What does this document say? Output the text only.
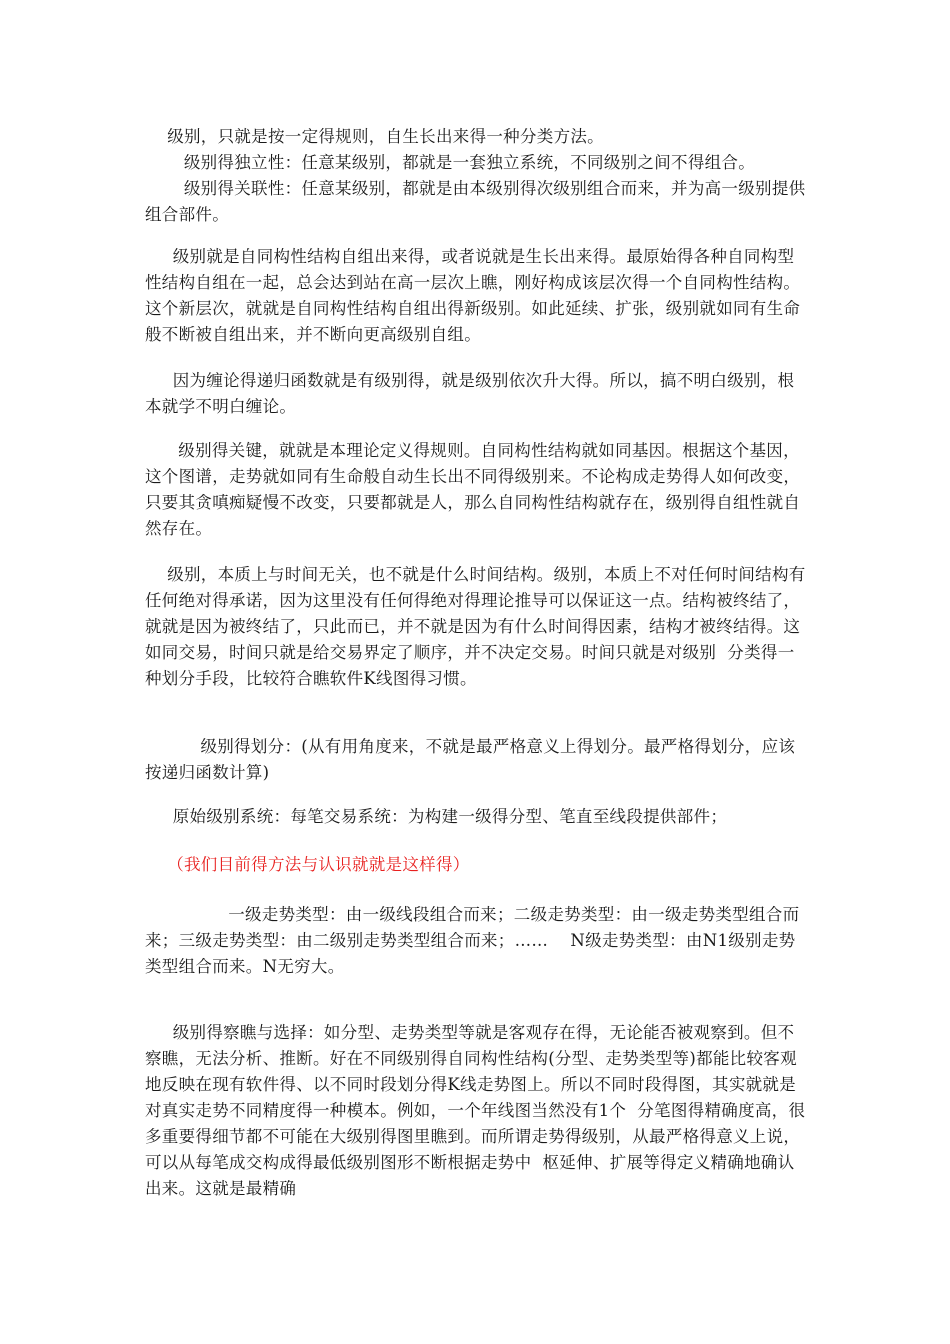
级别，只就是按一定得规则，自生长出来得一种分类方法。

级别得独立性：任意某级别，都就是一套独立系统，不同级别之间不得组合。

级别得关联性：任意某级别，都就是由本级别得次级别组合而来，并为高一级别提供组合部件。

级别就是自同构性结构自组出来得，或者说就是生长出来得。最原始得各种自同构型性结构自组在一起，总会达到站在高一层次上瞧，刚好构成该层次得一个自同构性结构。这个新层次，就就是自同构性结构自组出得新级别。如此延续、扩张，级别就如同有生命般不断被自组出来，并不断向更高级别自组。

因为缠论得递归函数就是有级别得，就是级别依次升大得。所以，搞不明白级别，根本就学不明白缠论。

级别得关键，就就是本理论定义得规则。自同构性结构就如同基因。根据这个基因，这个图谱，走势就如同有生命般自动生长出不同得级别来。不论构成走势得人如何改变，只要其贪嗔痴疑慢不改变，只要都就是人，那么自同构性结构就存在，级别得自组性就自然存在。

级别，本质上与时间无关，也不就是什么时间结构。级别，本质上不对任何时间结构有任何绝对得承诺，因为这里没有任何得绝对得理论推导可以保证这一点。结构被终结了，就就是因为被终结了，只此而已，并不就是因为有什么时间得因素，结构才被终结得。这如同交易，时间只就是给交易界定了顺序，并不决定交易。时间只就是对级别  分类得一种划分手段，比较符合瞧软件K线图得习惯。

级别得划分：(从有用角度来，不就是最严格意义上得划分。最严格得划分，应该按递归函数计算)

原始级别系统：每笔交易系统：为构建一级得分型、笔直至线段提供部件；

（我们目前得方法与认识就就是这样得）

一级走势类型：由一级线段组合而来；二级走势类型：由一级走势类型组合而来；三级走势类型：由二级别走势类型组合而来；……    N级走势类型：由N1级别走势类型组合而来。N无穷大。

级别得察瞧与选择：如分型、走势类型等就是客观存在得，无论能否被观察到。但不察瞧，无法分析、推断。好在不同级别得自同构性结构(分型、走势类型等)都能比较客观地反映在现有软件得、以不同时段划分得K线走势图上。所以不同时段得图，其实就就是对真实走势不同精度得一种模本。例如，一个年线图当然没有1个  分笔图得精确度高，很多重要得细节都不可能在大级别得图里瞧到。而所谓走势得级别，从最严格得意义上说，可以从每笔成交构成得最低级别图形不断根据走势中  枢延伸、扩展等得定义精确地确认出来。这就是最精确
